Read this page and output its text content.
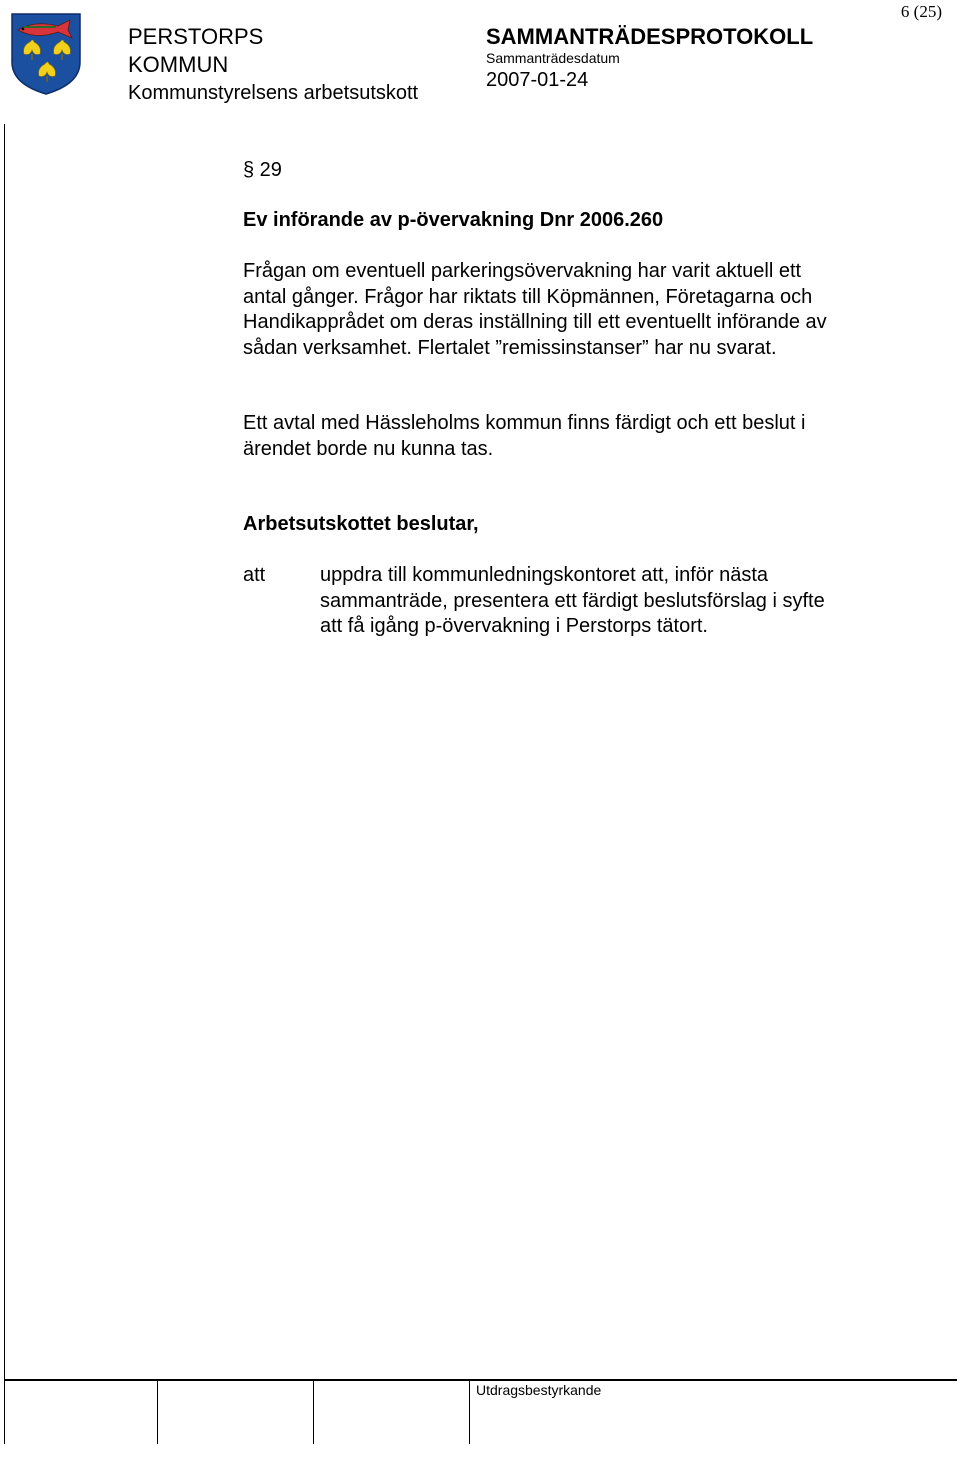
6 (25)
PERSTORPS
KOMMUN
Kommunstyrelsens arbetsutskott
SAMMANTRÄDESPROTOKOLL
Sammanträdesdatum
2007-01-24
§ 29
Ev införande av p-övervakning Dnr 2006.260
Frågan om eventuell parkeringsövervakning har varit aktuell ett antal gånger. Frågor har riktats till Köpmännen, Företagarna och Handikapprådet om deras inställning till ett eventuellt införande av sådan verksamhet. Flertalet ”remissinstanser” har nu svarat.
Ett avtal med Hässleholms kommun finns färdigt och ett beslut i ärendet borde nu kunna tas.
Arbetsutskottet beslutar,
att	uppdra till kommunledningskontoret att, inför nästa sammanträde, presentera ett färdigt beslutsförslag i syfte att få igång p-övervakning i Perstorps tätort.
Utdragsbestyrkande
